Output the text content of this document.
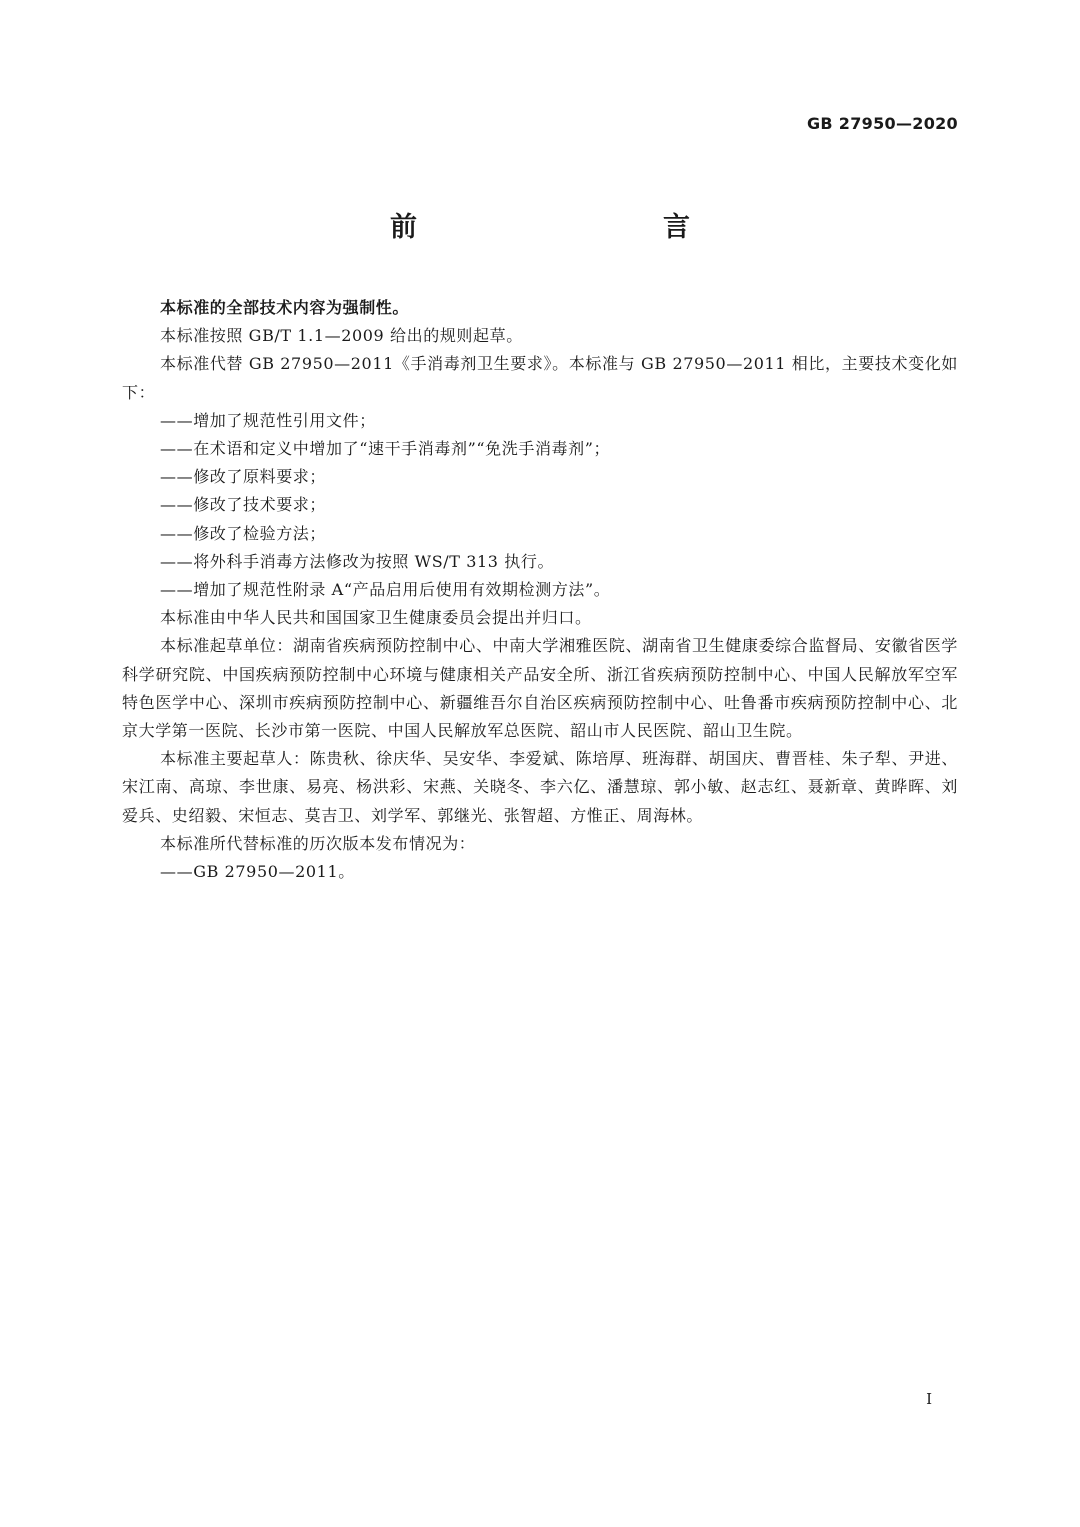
GB 27950—2020
前　　言

本标准的全部技术内容为强制性。

本标准按照 GB/T 1.1—2009 给出的规则起草。

本标准代替 GB 27950—2011《手消毒剂卫生要求》。本标准与 GB 27950—2011 相比，主要技术变化如下：

——增加了规范性引用文件；

——在术语和定义中增加了“速干手消毒剂”“免洗手消毒剂”；

——修改了原料要求；

——修改了技术要求；

——修改了检验方法；

——将外科手消毒方法修改为按照 WS/T 313 执行。

——增加了规范性附录 A“产品启用后使用有效期检测方法”。

本标准由中华人民共和国国家卫生健康委员会提出并归口。

本标准起草单位：湖南省疾病预防控制中心、中南大学湘雅医院、湖南省卫生健康委综合监督局、安徽省医学科学研究院、中国疾病预防控制中心环境与健康相关产品安全所、浙江省疾病预防控制中心、中国人民解放军空军特色医学中心、深圳市疾病预防控制中心、新疆维吾尔自治区疾病预防控制中心、吐鲁番市疾病预防控制中心、北京大学第一医院、长沙市第一医院、中国人民解放军总医院、韶山市人民医院、韶山卫生院。

本标准主要起草人：陈贵秋、徐庆华、吴安华、李爱斌、陈培厚、班海群、胡国庆、曹晋桂、朱子犁、尹进、宋江南、高琼、李世康、易亮、杨洪彩、宋燕、关晓冬、李六亿、潘慧琼、郭小敏、赵志红、聂新章、黄晔晖、刘爱兵、史绍毅、宋恒志、莫吉卫、刘学军、郭继光、张智超、方惟正、周海林。

本标准所代替标准的历次版本发布情况为：

——GB 27950—2011。

I
